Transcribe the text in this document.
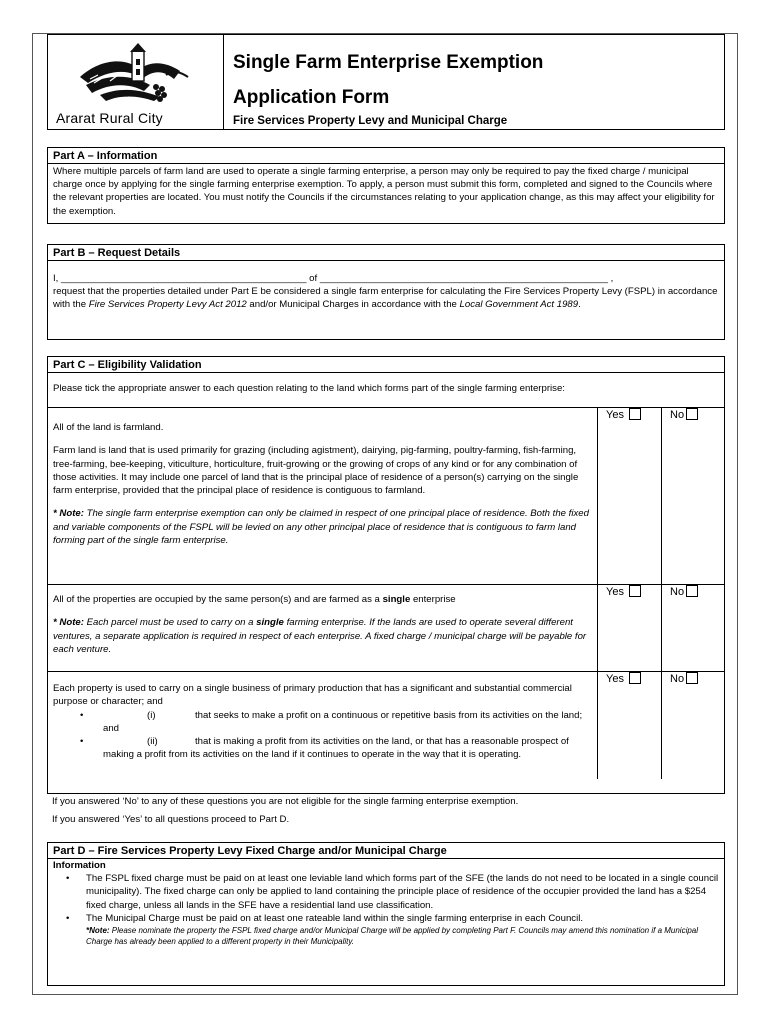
Ararat Rural City
Single Farm Enterprise Exemption
Application Form
Fire Services Property Levy and Municipal Charge
Part A – Information
Where multiple parcels of farm land are used to operate a single farming enterprise, a person may only be required to pay the fixed charge / municipal charge once by applying for the single farming enterprise exemption. To apply, a person must submit this form, completed and signed to the Councils where the relevant properties are located. You must notify the Councils if the circumstances relating to your application change, as this may affect your eligibility for the exemption.
Part B – Request Details

I, ______________________________________________ of ______________________________________________________ ,

request that the properties detailed under Part E be considered a single farm enterprise for calculating the Fire Services Property Levy (FSPL) in accordance with the Fire Services Property Levy Act 2012 and/or Municipal Charges in accordance with the Local Government Act 1989.

Part C – Eligibility Validation
Please tick the appropriate answer to each question relating to the land which forms part of the single farming enterprise:

All of the land is farmland.

Farm land is land that is used primarily for grazing (including agistment), dairying, pig-farming, poultry-farming, fish-farming, tree-farming, bee-keeping, viticulture, horticulture, fruit-growing or the growing of crops of any kind or for any combination of those activities. It may include one parcel of land that is the principal place of residence of a person(s) carrying on the single farm enterprise, provided that the principal place of residence is contiguous to farmland.

* Note: The single farm enterprise exemption can only be claimed in respect of one principal place of residence. Both the fixed and variable components of the FSPL will be levied on any other principal place of residence that is contiguous to farm land forming part of the single farm enterprise.

Yes	No

All of the properties are occupied by the same person(s) and are farmed as a single enterprise

* Note: Each parcel must be used to carry on a single farming enterprise. If the lands are used to operate several different ventures, a separate application is required in respect of each enterprise. A fixed charge / municipal charge will be payable for each venture.

Yes	No

Each property is used to carry on a single business of primary production that has a significant and substantial commercial purpose or character; and

•	(i)	that seeks to make a profit on a continuous or repetitive basis from its activities on the land; and
•	(ii)	that is making a profit from its activities on the land, or that has a reasonable prospect of making a profit from its activities on the land if it continues to operate in the way that it is operating.
Yes	No
If you answered ‘No’ to any of these questions you are not eligible for the single farming enterprise exemption.
If you answered ‘Yes’ to all questions proceed to Part D.
Part D – Fire Services Property Levy Fixed Charge and/or Municipal Charge

Information

• The FSPL fixed charge must be paid on at least one leviable land which forms part of the SFE (the lands do not need to be located in a single council municipality). The fixed charge can only be applied to land containing the principle place of residence of the occupier provided the land has a $254 fixed charge, unless all lands in the SFE have a residential land use classification.
• The Municipal Charge must be paid on at least one rateable land within the single farming enterprise in each Council.
*Note: Please nominate the property the FSPL fixed charge and/or Municipal Charge will be applied by completing Part F. Councils may amend this nomination if a Municipal Charge has already been applied to a different property in their Municipality.
